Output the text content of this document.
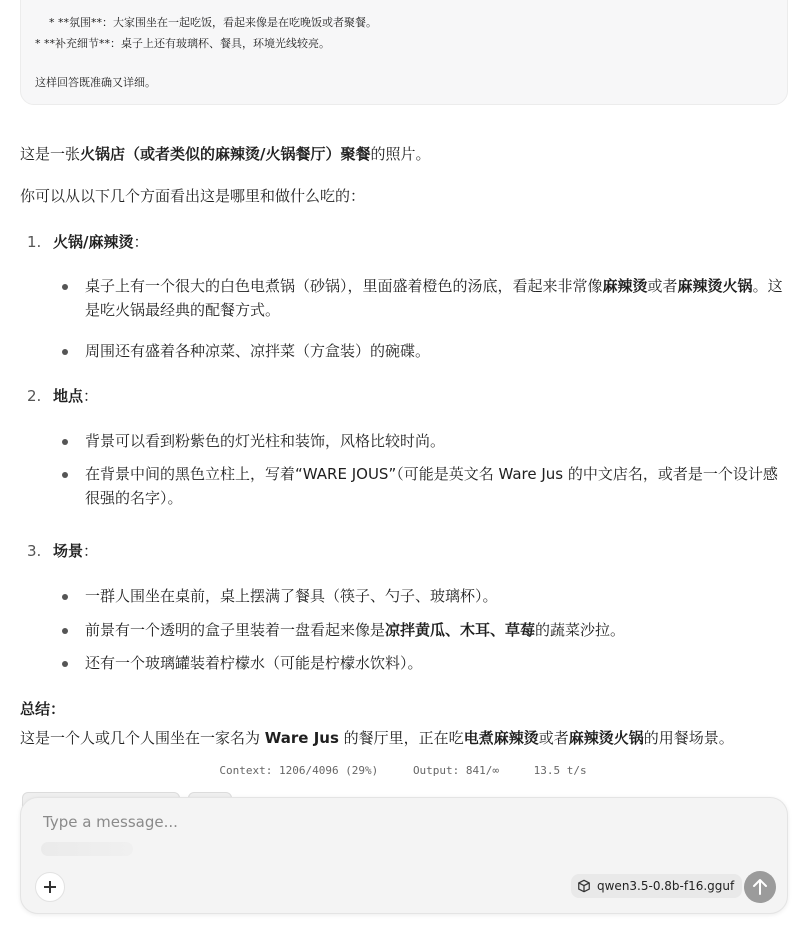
* **氛围**：大家围坐在一起吃饭，看起来像是在吃晚饭或者聚餐。
* **补充细节**：桌子上还有玻璃杯、餐具，环境光线较亮。
这样回答既准确又详细。
这是一张火锅店（或者类似的麻辣烫/火锅餐厅）聚餐的照片。
你可以从以下几个方面看出这是哪里和做什么吃的：
1. 火锅/麻辣烫：
桌子上有一个很大的白色电煮锅（砂锅），里面盛着橙色的汤底，看起来非常像麻辣烫或者麻辣烫火锅。这是吃火锅最经典的配餐方式。
周围还有盛着各种凉菜、凉拌菜（方盒装）的碗碟。
2. 地点：
背景可以看到粉紫色的灯光柱和装饰，风格比较时尚。
在背景中间的黑色立柱上，写着“WARE JOUS”（可能是英文名 Ware Jus 的中文店名，或者是一个设计感很强的名字）。
3. 场景：
一群人围坐在桌前，桌上摆满了餐具（筷子、勺子、玻璃杯）。
前景有一个透明的盒子里装着一盘看起来像是凉拌黄瓜、木耳、草莓的蔬菜沙拉。
还有一个玻璃罐装着柠檬水（可能是柠檬水饮料）。
总结：
这是一个人或几个人围坐在一家名为 Ware Jus 的餐厅里，正在吃电煮麻辣烫或者麻辣烫火锅的用餐场景。
Context: 1206/4096 (29%)	Output: 841/∞	13.5 t/s
Type a message...
qwen3.5-0.8b-f16.gguf
